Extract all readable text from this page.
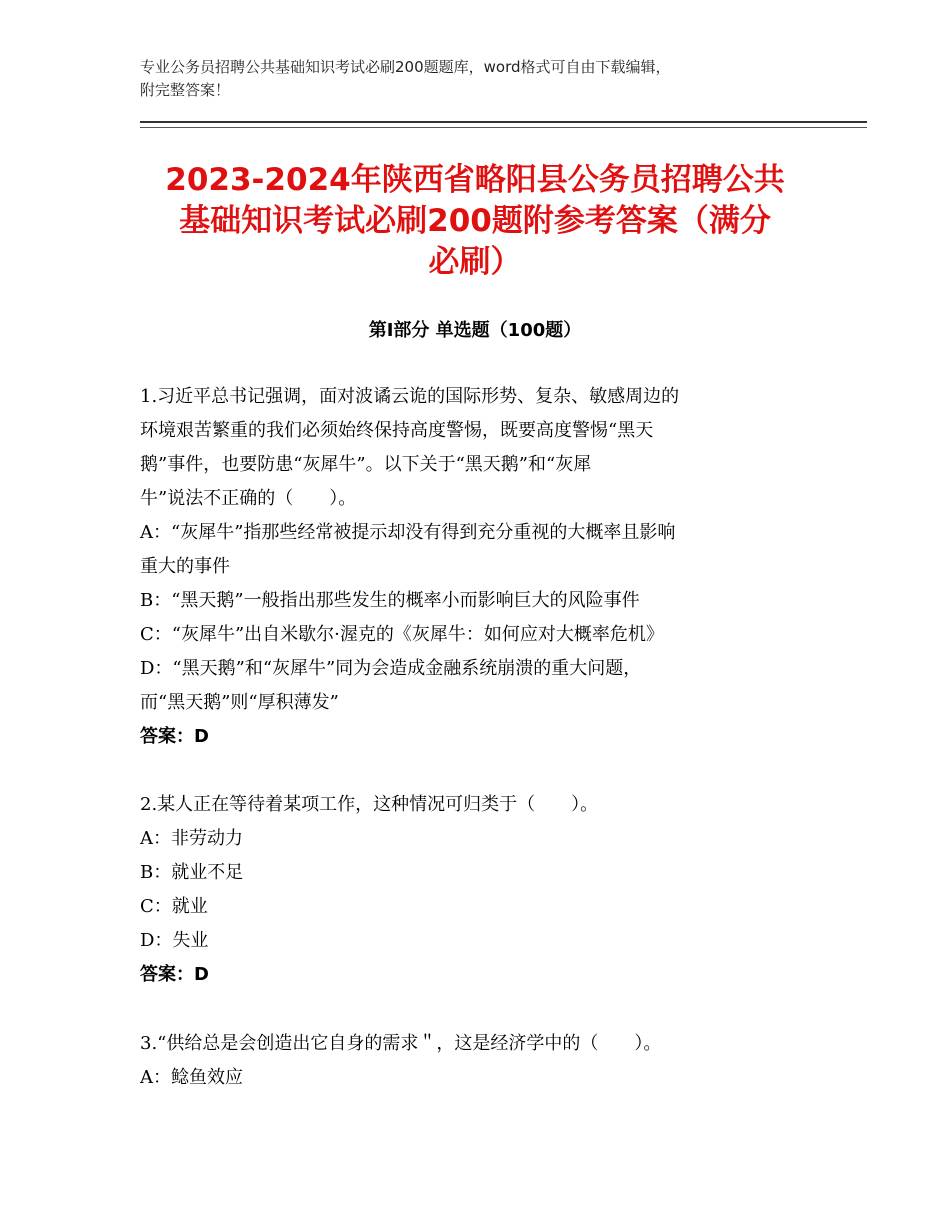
专业公务员招聘公共基础知识考试必刷200题题库，word格式可自由下载编辑，
附完整答案！
2023-2024年陕西省略阳县公务员招聘公共
基础知识考试必刷200题附参考答案（满分
必刷）
第Ⅰ部分 单选题（100题）
1.习近平总书记强调，面对波谲云诡的国际形势、复杂、敏感周边的
环境艰苦繁重的我们必须始终保持高度警惕，既要高度警惕“黑天
鹅”事件，也要防患“灰犀牛”。以下关于“黑天鹅”和“灰犀
牛”说法不正确的（　　）。
A：“灰犀牛”指那些经常被提示却没有得到充分重视的大概率且影响
重大的事件
B：“黑天鹅”一般指出那些发生的概率小而影响巨大的风险事件
C：“灰犀牛”出自米歇尔·渥克的《灰犀牛：如何应对大概率危机》
D：“黑天鹅”和“灰犀牛”同为会造成金融系统崩溃的重大问题，
而“黑天鹅”则“厚积薄发”
答案：D
2.某人正在等待着某项工作，这种情况可归类于（　　）。
A：非劳动力
B：就业不足
C：就业
D：失业
答案：D
3.“供给总是会创造出它自身的需求＂，这是经济学中的（　　）。
A：鲶鱼效应
